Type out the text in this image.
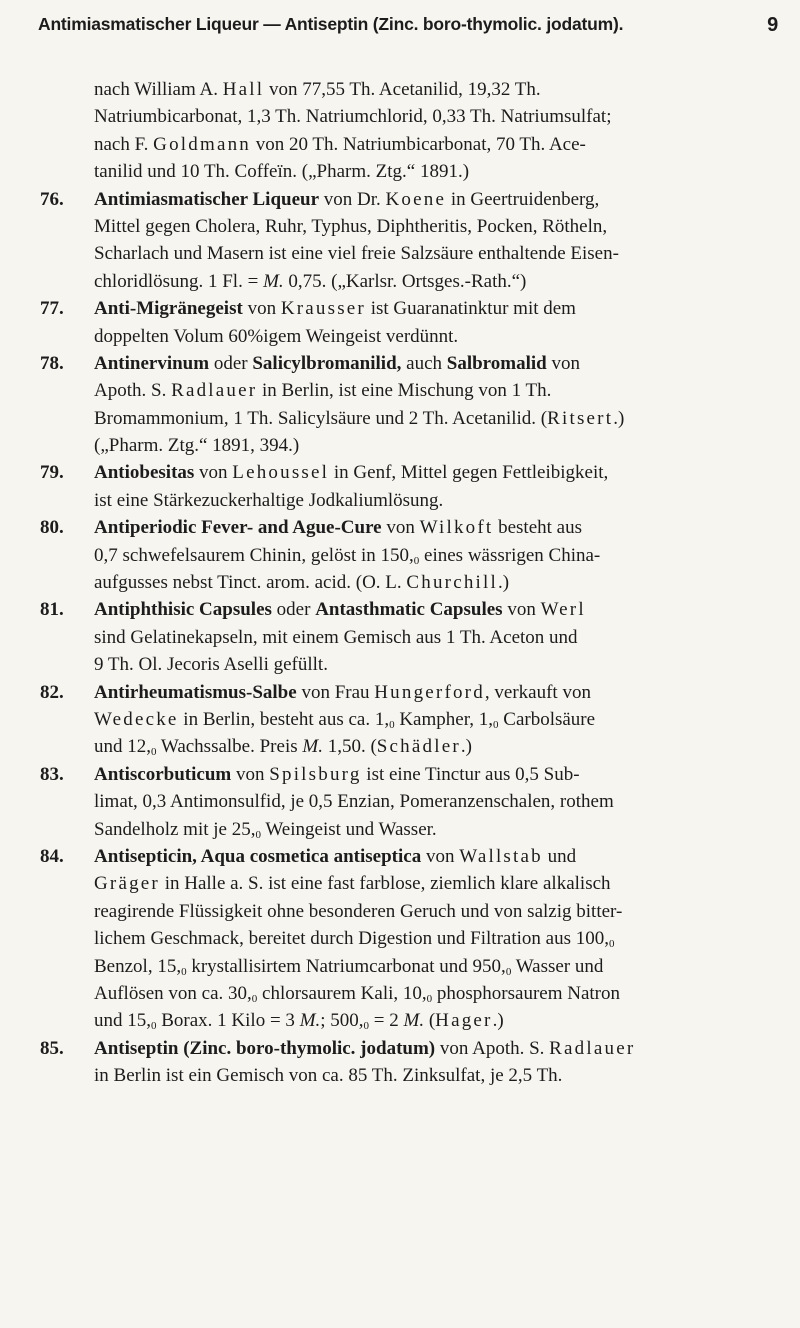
Antimiasmatischer Liqueur — Antiseptin (Zinc. boro-thymolic. jodatum).	9
nach William A. Hall von 77,55 Th. Acetanilid, 19,32 Th.
Natriumbicarbonat, 1,3 Th. Natriumchlorid, 0,33 Th. Natriumsulfat;
nach F. Goldmann von 20 Th. Natriumbicarbonat, 70 Th. Ace-
tanilid und 10 Th. Coffeïn. („Pharm. Ztg.“ 1891.)
76.	Antimiasmatischer Liqueur von Dr. Koene in Geertruidenberg,
Mittel gegen Cholera, Ruhr, Typhus, Diphtheritis, Pocken, Rötheln,
Scharlach und Masern ist eine viel freie Salzsäure enthaltende Eisen-
chloridlösung. 1 Fl. = M. 0,75. („Karlsr. Ortsges.-Rath.“)
77.	Anti-Migränegeist von Krausser ist Guaranatinktur mit dem
doppelten Volum 60%igem Weingeist verdünnt.
78.	Antinervinum oder Salicylbromanilid, auch Salbromalid von
Apoth. S. Radlauer in Berlin, ist eine Mischung von 1 Th.
Bromammonium, 1 Th. Salicylsäure und 2 Th. Acetanilid. (Ritsert.)
(„Pharm. Ztg.“ 1891, 394.)
79.	Antiobesitas von Lehoussel in Genf, Mittel gegen Fettleibigkeit,
ist eine Stärkezuckerhaltige Jodkaliumlösung.
80.	Antiperiodic Fever- and Ague-Cure von Wilkoft besteht aus
0,7 schwefelsaurem Chinin, gelöst in $150,_0$ eines wässrigen China-
aufgusses nebst Tinct. arom. acid. (O. L. Churchill.)
81.	Antiphthisic Capsules oder Antasthmatic Capsules von Werl
sind Gelatinekapseln, mit einem Gemisch aus 1 Th. Aceton und
9 Th. Ol. Jecoris Aselli gefüllt.
82.	Antirheumatismus-Salbe von Frau Hungerford, verkauft von
Wedecke in Berlin, besteht aus ca. $1,_0$ Kampher, $1,_0$ Carbolsäure
und $12,_0$ Wachssalbe. Preis M. 1,50. (Schädler.)
83.	Antiscorbuticum von Spilsburg ist eine Tinctur aus 0,5 Sub-
limat, 0,3 Antimonsulfid, je 0,5 Enzian, Pomeranzenschalen, rothem
Sandelholz mit je $25,_0$ Weingeist und Wasser.
84.	Antisepticin, Aqua cosmetica antiseptica von Wallstab und
Gräger in Halle a. S. ist eine fast farblose, ziemlich klare alkalisch
reagirende Flüssigkeit ohne besonderen Geruch und von salzig bitter-
lichem Geschmack, bereitet durch Digestion und Filtration aus $100,_0$
Benzol, $15,_0$ krystallisirtem Natriumcarbonat und $950,_0$ Wasser und
Auflösen von ca. $30,_0$ chlorsaurem Kali, $10,_0$ phosphorsaurem Natron
und $15,_0$ Borax. 1 Kilo = 3 M.; $500,_0 = 2$ M. (Hager.)
85.	Antiseptin (Zinc. boro-thymolic. jodatum) von Apoth. S. Radlauer
in Berlin ist ein Gemisch von ca. 85 Th. Zinksulfat, je 2,5 Th.
